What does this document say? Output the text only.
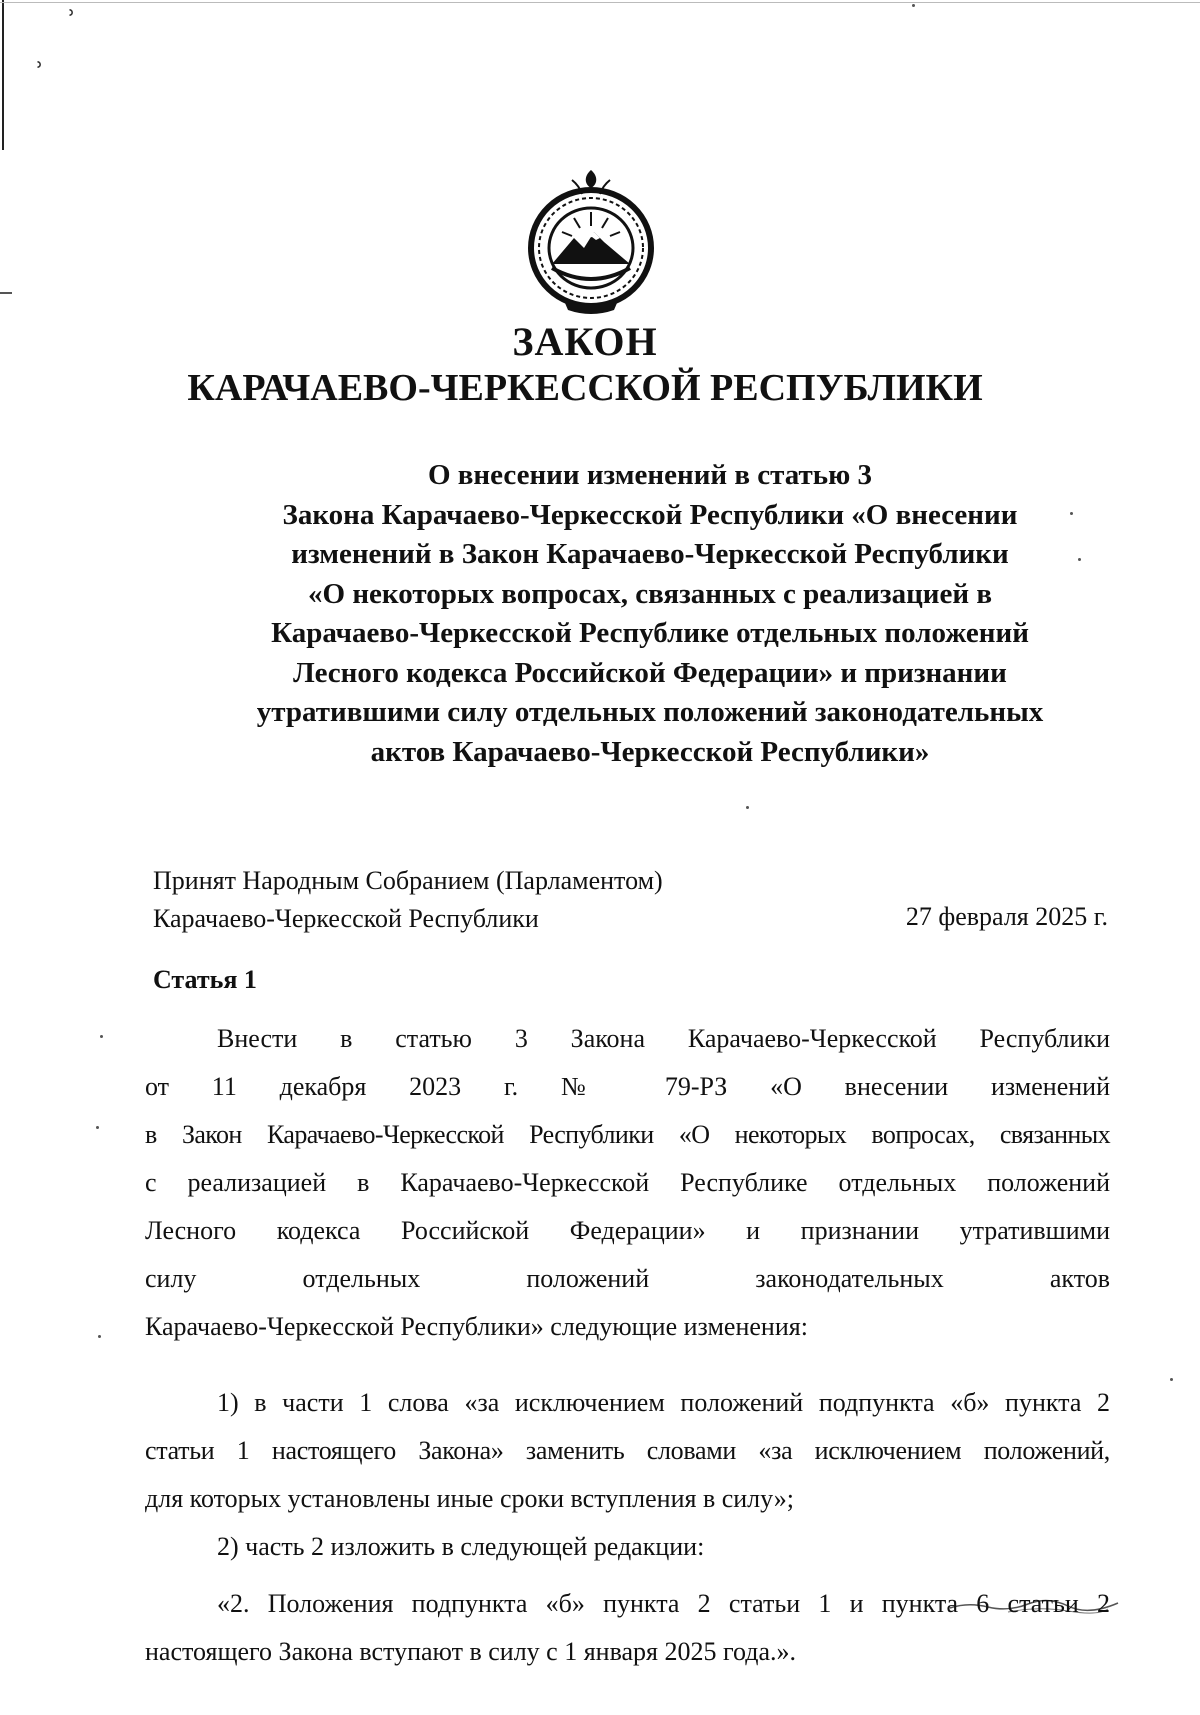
ʾ
ʾ
ЗАКОН
КАРАЧАЕВО-ЧЕРКЕССКОЙ РЕСПУБЛИКИ
О внесении изменений в статью 3
Закона Карачаево-Черкесской Республики «О внесении
изменений в Закон Карачаево-Черкесской Республики
«О некоторых вопросах, связанных с реализацией в
Карачаево-Черкесской Республике отдельных положений
Лесного кодекса Российской Федерации» и признании
утратившими силу отдельных положений законодательных
актов Карачаево-Черкесской Республики»
Принят Народным Собранием (Парламентом)
Карачаево-Черкесской Республики	27 февраля 2025 г.
Статья 1
Внести в статью 3 Закона Карачаево-Черкесской Республики
от 11 декабря 2023 г. № 79-РЗ «О внесении изменений
в Закон Карачаево-Черкесской Республики «О некоторых вопросах, связанных
с реализацией в Карачаево-Черкесской Республике отдельных положений
Лесного кодекса Российской Федерации» и признании утратившими
силу отдельных положений законодательных актов
Карачаево-Черкесской Республики» следующие изменения:
1) в части 1 слова «за исключением положений подпункта «б» пункта 2
статьи 1 настоящего Закона» заменить словами «за исключением положений,
для которых установлены иные сроки вступления в силу»;
2) часть 2 изложить в следующей редакции:
«2. Положения подпункта «б» пункта 2 статьи 1 и пункта 6 статьи 2
настоящего Закона вступают в силу с 1 января 2025 года.».
